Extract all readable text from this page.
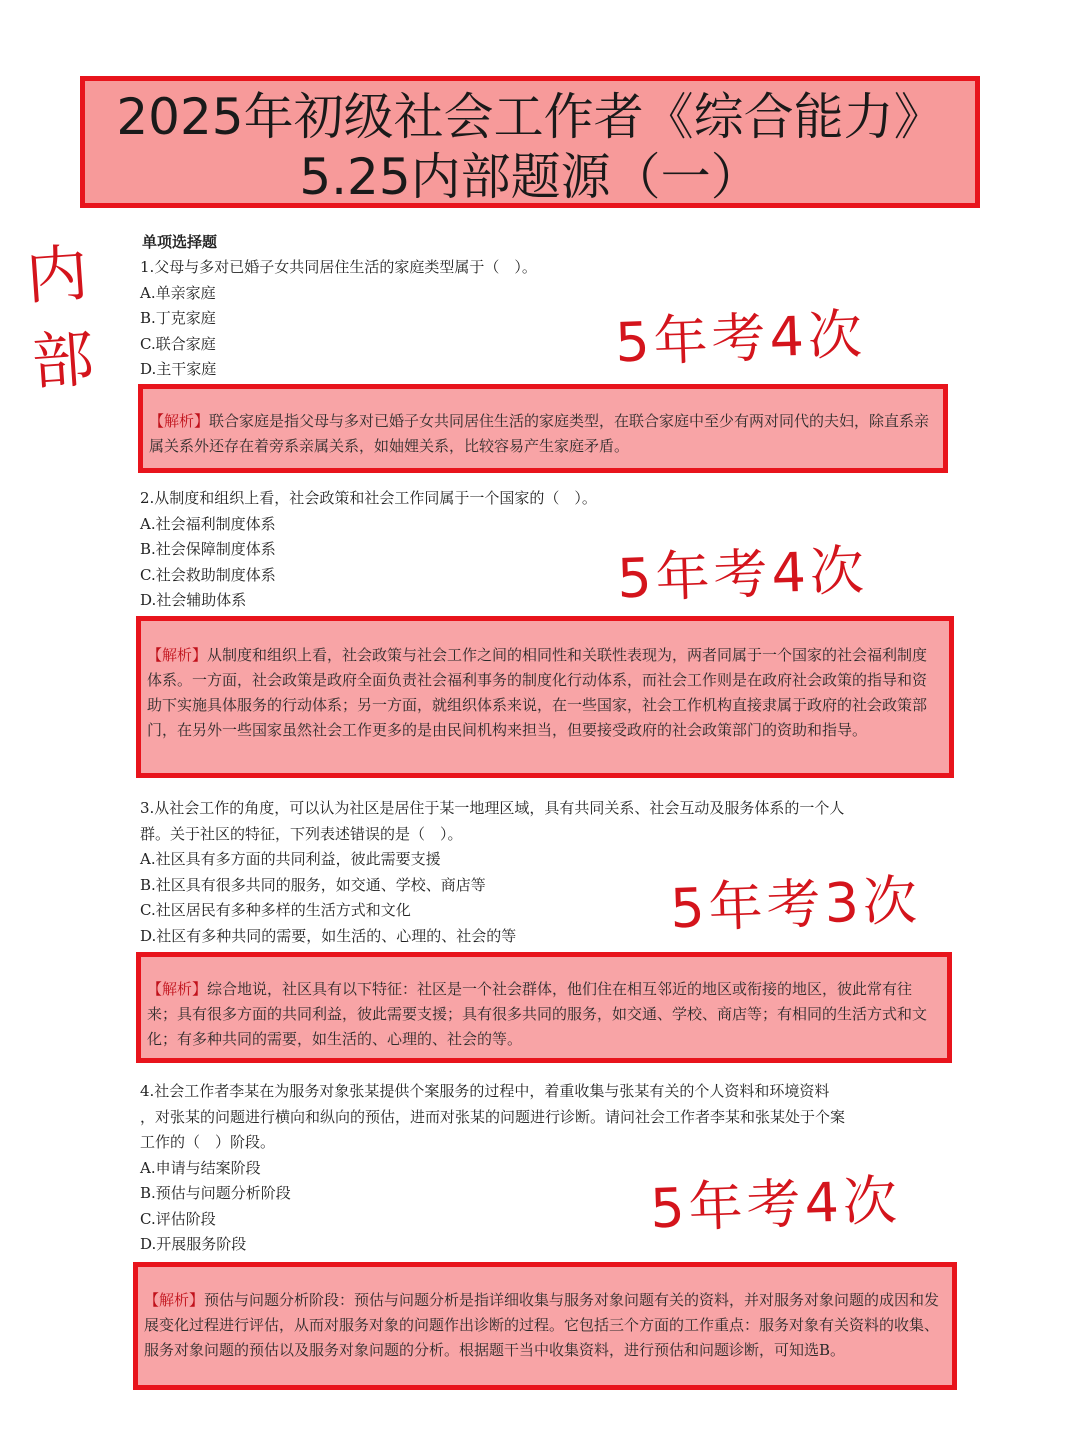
2025年初级社会工作者《综合能力》
5.25内部题源（一）
内
部
单项选择题

1.父母与多对已婚子女共同居住生活的家庭类型属于（　）。

A.单亲家庭

B.丁克家庭

C.联合家庭

D.主干家庭

【解析】联合家庭是指父母与多对已婚子女共同居住生活的家庭类型，在联合家庭中至少有两对同代的夫妇，除直系亲属关系外还存在着旁系亲属关系，如妯娌关系，比较容易产生家庭矛盾。

5年考4次

2.从制度和组织上看，社会政策和社会工作同属于一个国家的（　）。

A.社会福利制度体系

B.社会保障制度体系

C.社会救助制度体系

D.社会辅助体系

【解析】从制度和组织上看，社会政策与社会工作之间的相同性和关联性表现为，两者同属于一个国家的社会福利制度体系。一方面，社会政策是政府全面负责社会福利事务的制度化行动体系，而社会工作则是在政府社会政策的指导和资助下实施具体服务的行动体系；另一方面，就组织体系来说，在一些国家，社会工作机构直接隶属于政府的社会政策部门，在另外一些国家虽然社会工作更多的是由民间机构来担当，但要接受政府的社会政策部门的资助和指导。

5年考4次

3.从社会工作的角度，可以认为社区是居住于某一地理区域，具有共同关系、社会互动及服务体系的一个人

群。关于社区的特征，下列表述错误的是（　）。

A.社区具有多方面的共同利益，彼此需要支援

B.社区具有很多共同的服务，如交通、学校、商店等

C.社区居民有多种多样的生活方式和文化

D.社区有多种共同的需要，如生活的、心理的、社会的等

【解析】综合地说，社区具有以下特征：社区是一个社会群体，他们住在相互邻近的地区或衔接的地区，彼此常有往来；具有很多方面的共同利益，彼此需要支援；具有很多共同的服务，如交通、学校、商店等；有相同的生活方式和文化；有多种共同的需要，如生活的、心理的、社会的等。

5年考3次

4.社会工作者李某在为服务对象张某提供个案服务的过程中，着重收集与张某有关的个人资料和环境资料

，对张某的问题进行横向和纵向的预估，进而对张某的问题进行诊断。请问社会工作者李某和张某处于个案

工作的（　）阶段。

A.申请与结案阶段

B.预估与问题分析阶段

C.评估阶段

D.开展服务阶段

【解析】预估与问题分析阶段：预估与问题分析是指详细收集与服务对象问题有关的资料，并对服务对象问题的成因和发展变化过程进行评估，从而对服务对象的问题作出诊断的过程。它包括三个方面的工作重点：服务对象有关资料的收集、服务对象问题的预估以及服务对象问题的分析。根据题干当中收集资料，进行预估和问题诊断，可知选B。

5年考4次
